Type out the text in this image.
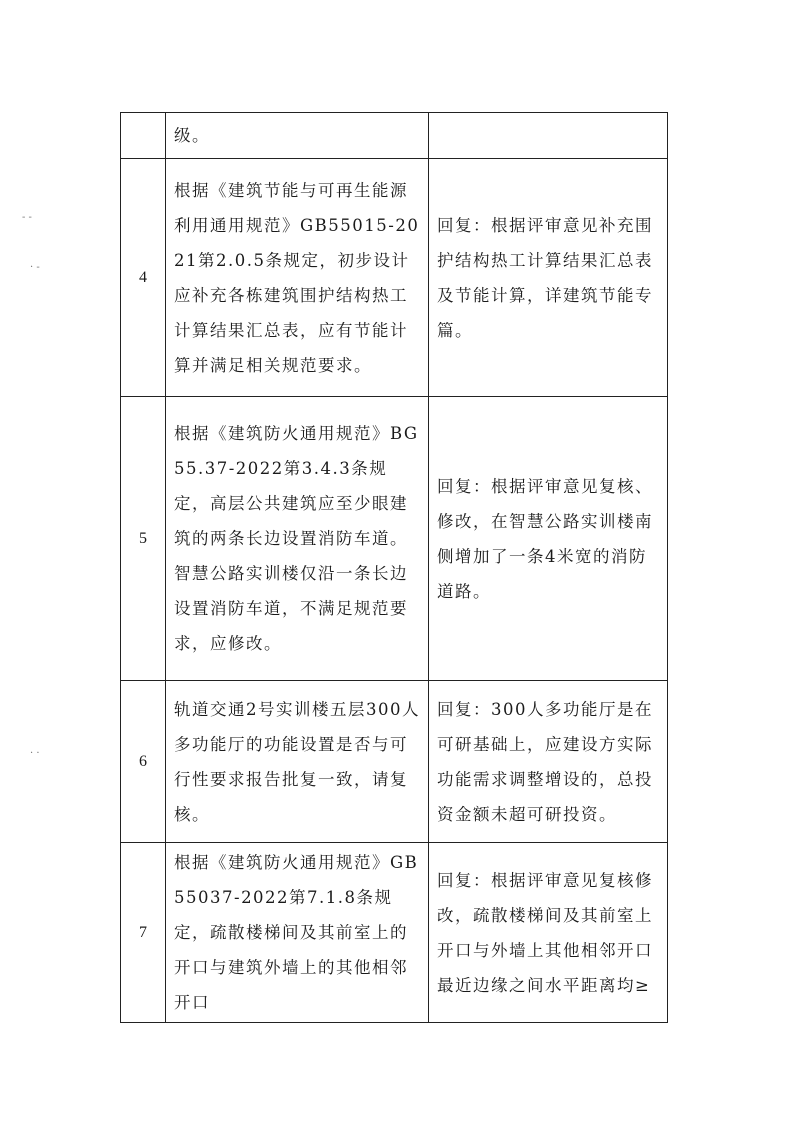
- -
· -
· ·

	级。	

4	根据《建筑节能与可再生能源利用通用规范》GB55015-2021第2.0.5条规定，初步设计应补充各栋建筑围护结构热工计算结果汇总表，应有节能计算并满足相关规范要求。	回复：根据评审意见补充围护结构热工计算结果汇总表及节能计算，详建筑节能专篇。

5	根据《建筑防火通用规范》BG55.37-2022第3.4.3条规定，高层公共建筑应至少眼建筑的两条长边设置消防车道。智慧公路实训楼仅沿一条长边设置消防车道，不满足规范要求，应修改。	回复：根据评审意见复核、修改，在智慧公路实训楼南侧增加了一条4米宽的消防道路。

6	轨道交通2号实训楼五层300人多功能厅的功能设置是否与可行性要求报告批复一致，请复核。	回复：300人多功能厅是在可研基础上，应建设方实际功能需求调整增设的，总投资金额未超可研投资。

7	根据《建筑防火通用规范》GB55037-2022第7.1.8条规定，疏散楼梯间及其前室上的开口与建筑外墙上的其他相邻开口	回复：根据评审意见复核修改，疏散楼梯间及其前室上开口与外墙上其他相邻开口最近边缘之间水平距离均≥
